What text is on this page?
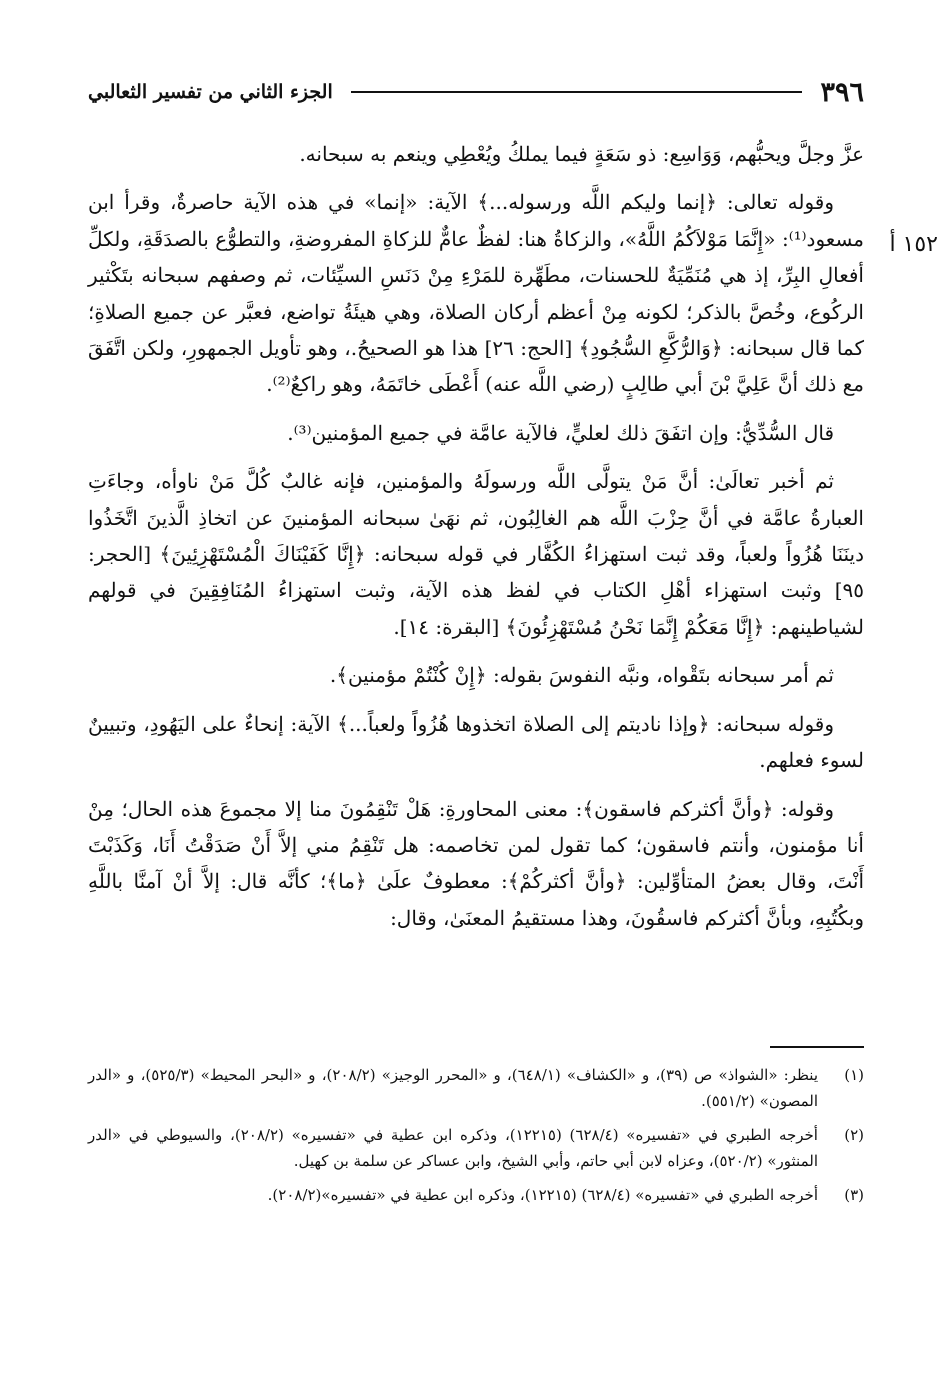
٣٩٦
الجزء الثاني من تفسير الثعالبي
١٥٢ أ

عزَّ وجلَّ ويحبُّهم، وَوَاسِع: ذو سَعَةٍ فيما يملكُ ويُعْطِي وينعم به سبحانه.

وقوله تعالى: ﴿إنما وليكم اللَّه ورسوله...﴾ الآية: «إنما» في هذه الآية حاصرةٌ، وقرأ ابن مسعود⁽¹⁾: «إِنَّمَا مَوْلاَكُمُ اللَّهُ»، والزكاةُ هنا: لفظٌ عامٌّ للزكاةِ المفروضةِ، والتطوُّع بالصدَقَةِ، ولكلِّ أفعالِ البِرِّ، إذ هي مُنَمِّيَةٌ للحسنات، مطَهِّرة للمَرْءِ مِنْ دَنَسِ السيِّئات، ثم وصفهم سبحانه بتَكْثير الركُوع، وخُصَّ بالذكر؛ لكونه مِنْ أعظم أركان الصلاة، وهي هيئَةُ تواضع، فعبَّر عن جميع الصلاةِ؛ كما قال سبحانه: ﴿وَالرُّكَّعِ السُّجُودِ﴾ [الحج: ٢٦] هذا هو الصحيحُ.، وهو تأويل الجمهورِ، ولكن اتَّفَقَ مع ذلك أنَّ عَلِيَّ بْنَ أبي طالِبٍ (رضي اللَّه عنه) أَعْطَى خاتَمَهُ، وهو راكعٌ⁽²⁾.

قال السُّدِّيُّ: وإن اتفَقَ ذلك لعليٍّ، فالآية عامَّة في جميع المؤمنين⁽³⁾.

ثم أخبر تعالَىٰ: أنَّ مَنْ يتولَّى اللَّه ورسولَهُ والمؤمنين، فإنه غالبٌ كُلَّ مَنْ ناوأه، وجاءَتِ العبارةُ عامَّة في أنَّ حِزْبَ اللَّه هم الغالِبُون، ثم نهَىٰ سبحانه المؤمنينَ عن اتخاذِ الَّذينَ اتَّخَذُوا دينَنَا هُزُواً ولعباً، وقد ثبت استهزاءُ الكُفَّار في قوله سبحانه: ﴿إِنَّا كَفَيْنَاكَ الْمُسْتَهْزِئِينَ﴾ [الحجر: ٩٥] وثبت استهزاء أهْلِ الكتاب في لفظ هذه الآية، وثبت استهزاءُ المُنَافِقِينَ في قولهم لشياطينهم: ﴿إِنَّا مَعَكُمْ إِنَّمَا نَحْنُ مُسْتَهْزِئُونَ﴾ [البقرة: ١٤].

ثم أمر سبحانه بتَقْواه، ونبَّه النفوسَ بقوله: ﴿إِنْ كُنْتُمْ مؤمنين﴾.

وقوله سبحانه: ﴿وإذا ناديتم إلى الصلاة اتخذوها هُزُواً ولعباً...﴾ الآية: إنحاءٌ على اليَهُودِ، وتبيينٌ لسوء فعلهم.

وقوله: ﴿وأنَّ أكثركم فاسقون﴾: معنى المحاورةِ: هَلْ تَنْقِمُونَ منا إلا مجموعَ هذه الحال؛ مِنْ أنا مؤمنون، وأنتم فاسقون؛ كما تقول لمن تخاصمه: هل تَنْقِمُ مني إلاَّ أَنْ صَدَقْتُ أَنَا، وَكَذَبْتَ أَنْتَ، وقال بعضُ المتأوِّلين: ﴿وأنَّ أكثركُمْ﴾: معطوفٌ علَىٰ ﴿ما﴾؛ كأنَّه قال: إلاَّ أنْ آمنَّا باللَّهِ وبكُتُبِهِ، وبأنَّ أكثركم فاسقُونَ، وهذا مستقيمُ المعنَىٰ، وقال:

(١)
ينظر: «الشواذ» ص (٣٩)، و «الكشاف» (٦٤٨/١)، و «المحرر الوجيز» (٢٠٨/٢)، و «البحر المحيط» (٥٢٥/٣)، و «الدر المصون» (٥٥١/٢).
(٢)
أخرجه الطبري في «تفسيره» (٦٢٨/٤) (١٢٢١٥)، وذكره ابن عطية في «تفسيره» (٢٠٨/٢)، والسيوطي في «الدر المنثور» (٥٢٠/٢)، وعزاه لابن أبي حاتم، وأبي الشيخ، وابن عساكر عن سلمة بن كهيل.
(٣)
أخرجه الطبري في «تفسيره» (٦٢٨/٤) (١٢٢١٥)، وذكره ابن عطية في «تفسيره»(٢٠٨/٢).
